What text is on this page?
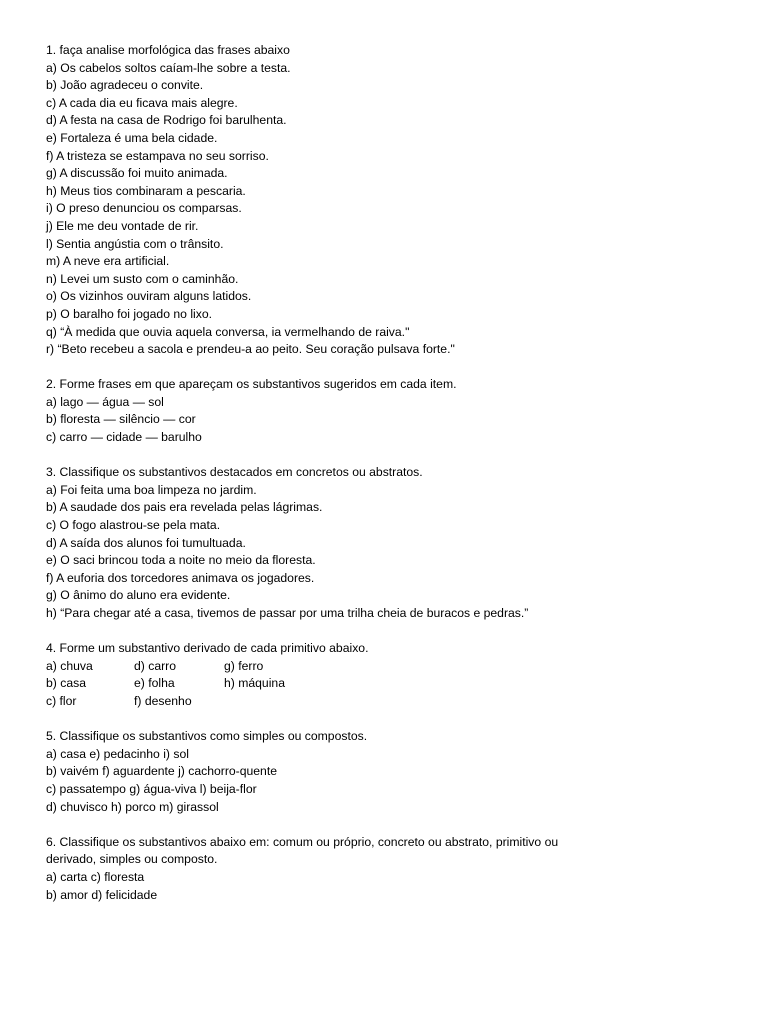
1. faça analise morfológica das frases abaixo
a) Os cabelos soltos caíam-lhe sobre a testa.
b) João agradeceu o convite.
c) A cada dia eu ficava mais alegre.
d) A festa na casa de Rodrigo foi barulhenta.
e) Fortaleza é uma bela cidade.
f) A tristeza se estampava no seu sorriso.
g) A discussão foi muito animada.
h) Meus tios combinaram a pescaria.
i) O preso denunciou os comparsas.
j) Ele me deu vontade de rir.
l) Sentia angústia com o trânsito.
m) A neve era artificial.
n) Levei um susto com o caminhão.
o) Os vizinhos ouviram alguns latidos.
p) O baralho foi jogado no lixo.
q) “À medida que ouvia aquela conversa, ia vermelhando de raiva."
r) “Beto recebeu a sacola e prendeu-a ao peito. Seu coração pulsava forte."
2. Forme frases em que apareçam os substantivos sugeridos em cada item.
a) lago — água — sol
b) floresta — silêncio — cor
c) carro — cidade — barulho
3. Classifique os substantivos destacados em concretos ou abstratos.
a) Foi feita uma boa limpeza no jardim.
b) A saudade dos pais era revelada pelas lágrimas.
c) O fogo alastrou-se pela mata.
d) A saída dos alunos foi tumultuada.
e) O saci brincou toda a noite no meio da floresta.
f) A euforia dos torcedores animava os jogadores.
g) O ânimo do aluno era evidente.
h) “Para chegar até a casa, tivemos de passar por uma trilha cheia de buracos e pedras.”
4. Forme um substantivo derivado de cada primitivo abaixo.
a) chuva	d) carro	g) ferro
b) casa	e) folha	h) máquina
c) flor	f) desenho
5. Classifique os substantivos como simples ou compostos.
a) casa e) pedacinho i) sol
b) vaivém f) aguardente j) cachorro-quente
c) passatempo g) água-viva l) beija-flor
d) chuvisco h) porco m) girassol
6. Classifique os substantivos abaixo em: comum ou próprio, concreto ou abstrato, primitivo ou derivado, simples ou composto.
a) carta c) floresta
b) amor d) felicidade
